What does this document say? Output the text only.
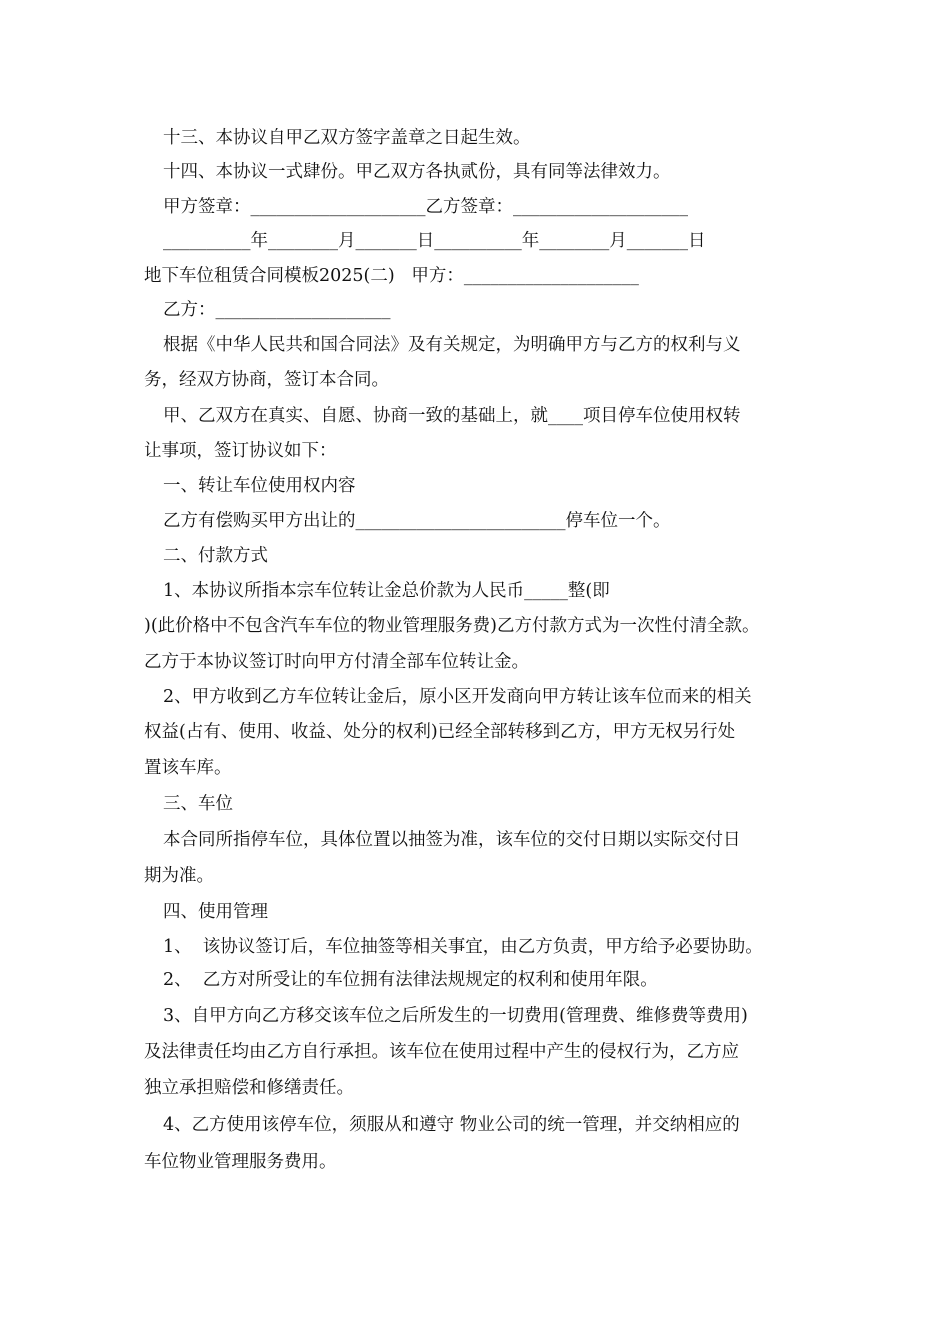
十三、本协议自甲乙双方签字盖章之日起生效。
十四、本协议一式肆份。甲乙双方各执贰份，具有同等法律效力。
甲方签章：____________________乙方签章：____________________
__________年________月_______日__________年________月_______日
地下车位租赁合同模板2025(二)   甲方：____________________
乙方：____________________
根据《中华人民共和国合同法》及有关规定，为明确甲方与乙方的权利与义
务，经双方协商，签订本合同。
甲、乙双方在真实、自愿、协商一致的基础上，就____项目停车位使用权转
让事项，签订协议如下：
一、转让车位使用权内容
乙方有偿购买甲方出让的________________________停车位一个。
二、付款方式
1、本协议所指本宗车位转让金总价款为人民币_____整(即
)(此价格中不包含汽车车位的物业管理服务费)乙方付款方式为一次性付清全款。
乙方于本协议签订时向甲方付清全部车位转让金。
2、甲方收到乙方车位转让金后，原小区开发商向甲方转让该车位而来的相关
权益(占有、使用、收益、处分的权利)已经全部转移到乙方，甲方无权另行处
置该车库。
三、车位
本合同所指停车位，具体位置以抽签为准，该车位的交付日期以实际交付日
期为准。
四、使用管理
1、  该协议签订后，车位抽签等相关事宜，由乙方负责，甲方给予必要协助。
2、  乙方对所受让的车位拥有法律法规规定的权利和使用年限。
3、自甲方向乙方移交该车位之后所发生的一切费用(管理费、维修费等费用)
及法律责任均由乙方自行承担。该车位在使用过程中产生的侵权行为，乙方应
独立承担赔偿和修缮责任。
4、乙方使用该停车位，须服从和遵守 物业公司的统一管理，并交纳相应的
车位物业管理服务费用。
